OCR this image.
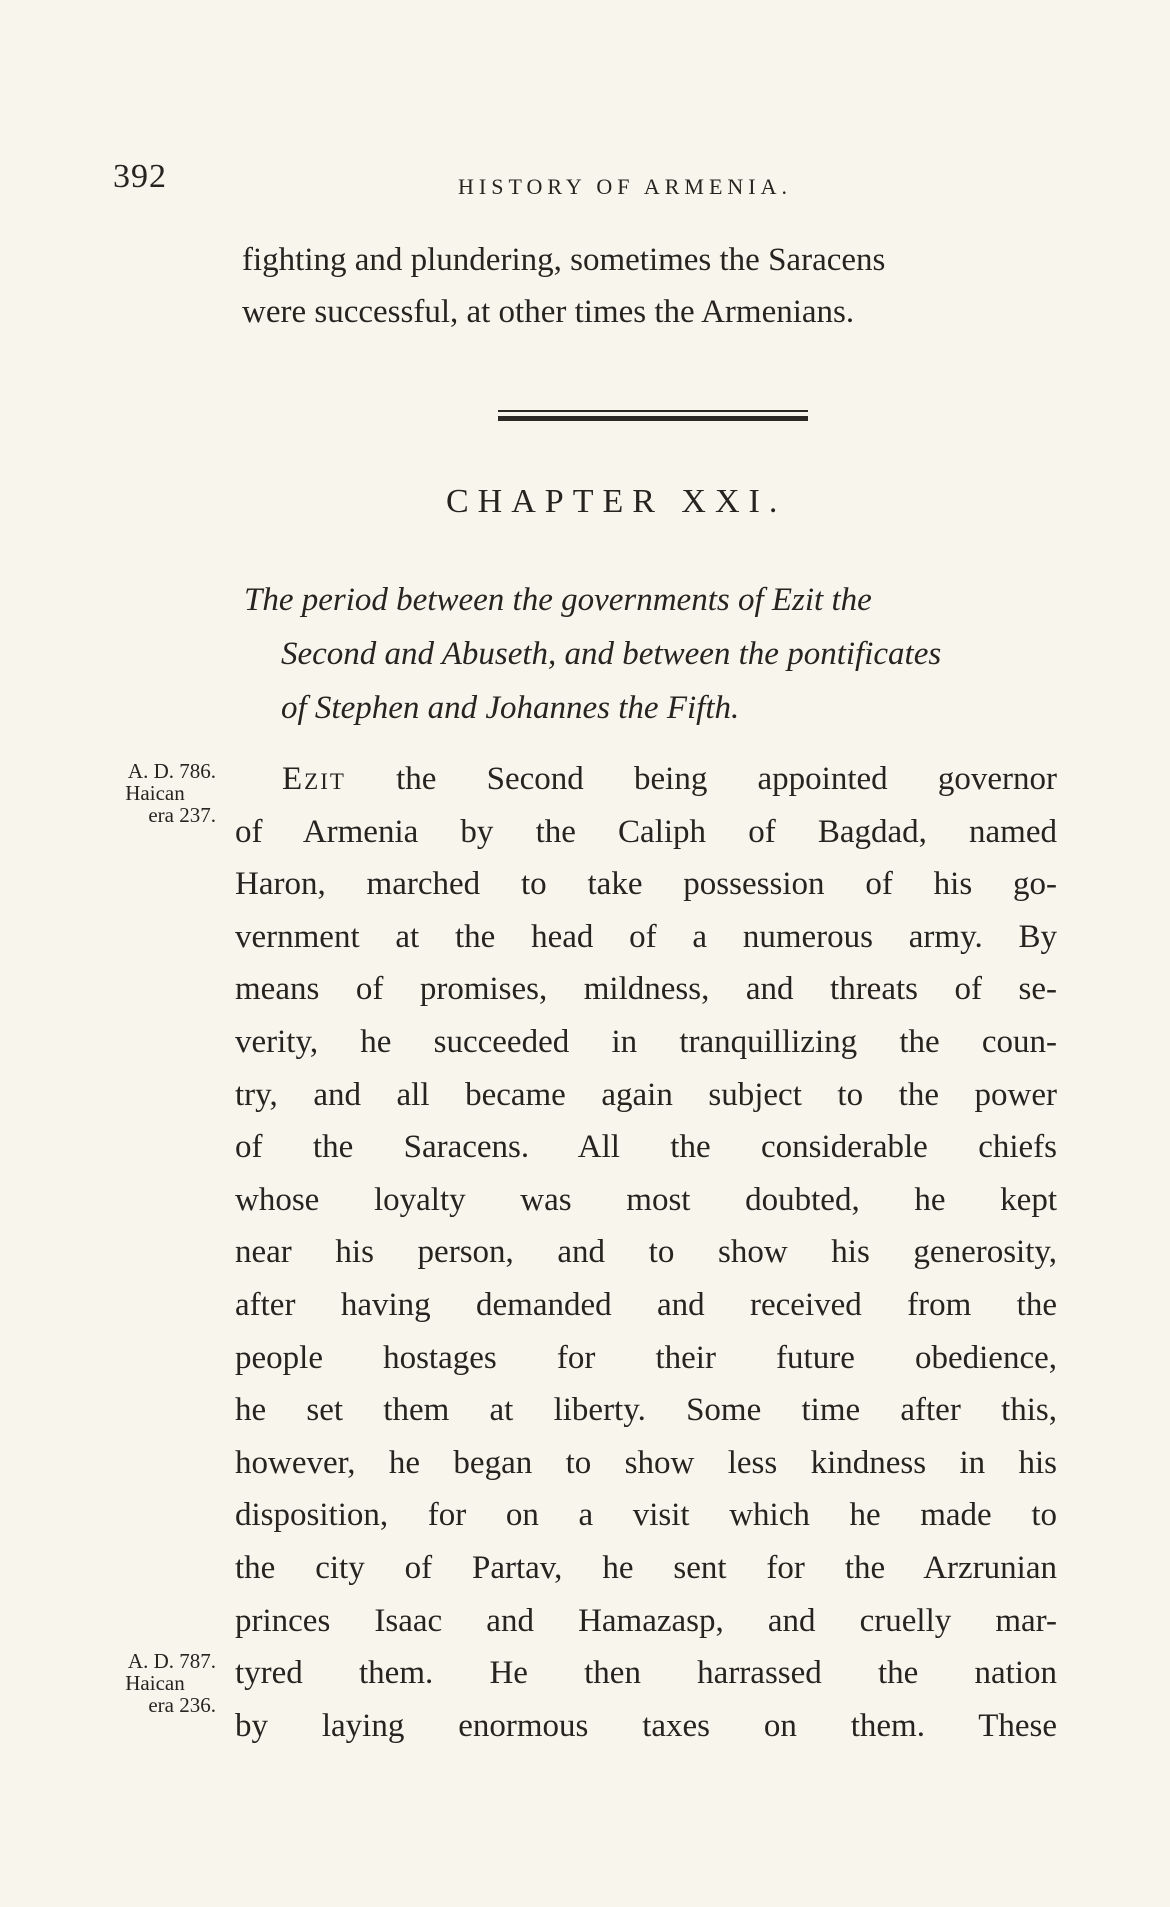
392	HISTORY OF ARMENIA.
fighting and plundering, sometimes the Saracens
were successful, at other times the Armenians.
CHAPTER XXI.
The period between the governments of Ezit the
Second and Abuseth, and between the pontificates
of Stephen and Johannes the Fifth.
A. D. 786.
Haican
era 237.
A. D. 787.
Haican
era 236.
Ezit the Second being appointed governor
of Armenia by the Caliph of Bagdad, named
Haron, marched to take possession of his go-
vernment at the head of a numerous army. By
means of promises, mildness, and threats of se-
verity, he succeeded in tranquillizing the coun-
try, and all became again subject to the power
of the Saracens. All the considerable chiefs
whose loyalty was most doubted, he kept
near his person, and to show his generosity,
after having demanded and received from the
people hostages for their future obedience,
he set them at liberty. Some time after this,
however, he began to show less kindness in his
disposition, for on a visit which he made to
the city of Partav, he sent for the Arzrunian
princes Isaac and Hamazasp, and cruelly mar-
tyred them. He then harrassed the nation
by laying enormous taxes on them. These
